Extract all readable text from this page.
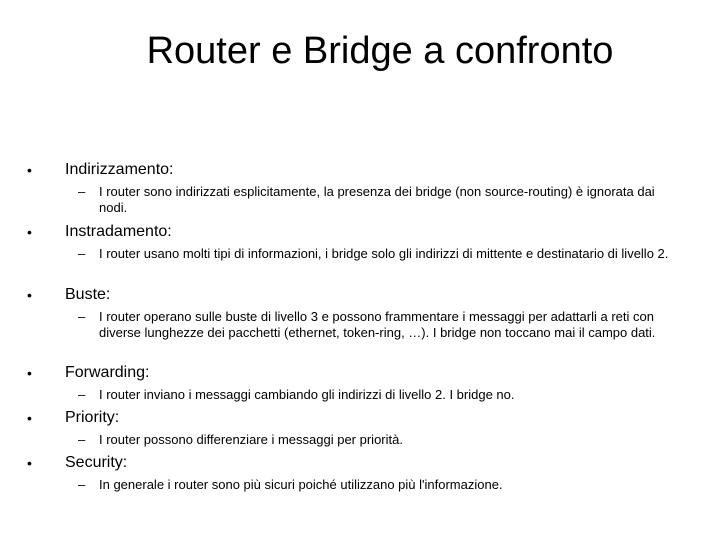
Router e Bridge a confronto
• Indirizzamento:
– I router sono indirizzati esplicitamente, la presenza dei bridge (non source-routing) è ignorata dai nodi.
• Instradamento:
– I router usano molti tipi di informazioni, i bridge solo gli indirizzi di mittente e destinatario di livello 2.
• Buste:
– I router operano sulle buste di livello 3 e possono frammentare i messaggi per adattarli a reti con diverse lunghezze dei pacchetti (ethernet, token-ring, …). I bridge non toccano mai il campo dati.
• Forwarding:
– I router inviano i messaggi cambiando gli indirizzi di livello 2. I bridge no.
• Priority:
– I router possono differenziare i messaggi per priorità.
• Security:
– In generale i router sono più sicuri poiché utilizzano più l'informazione.
